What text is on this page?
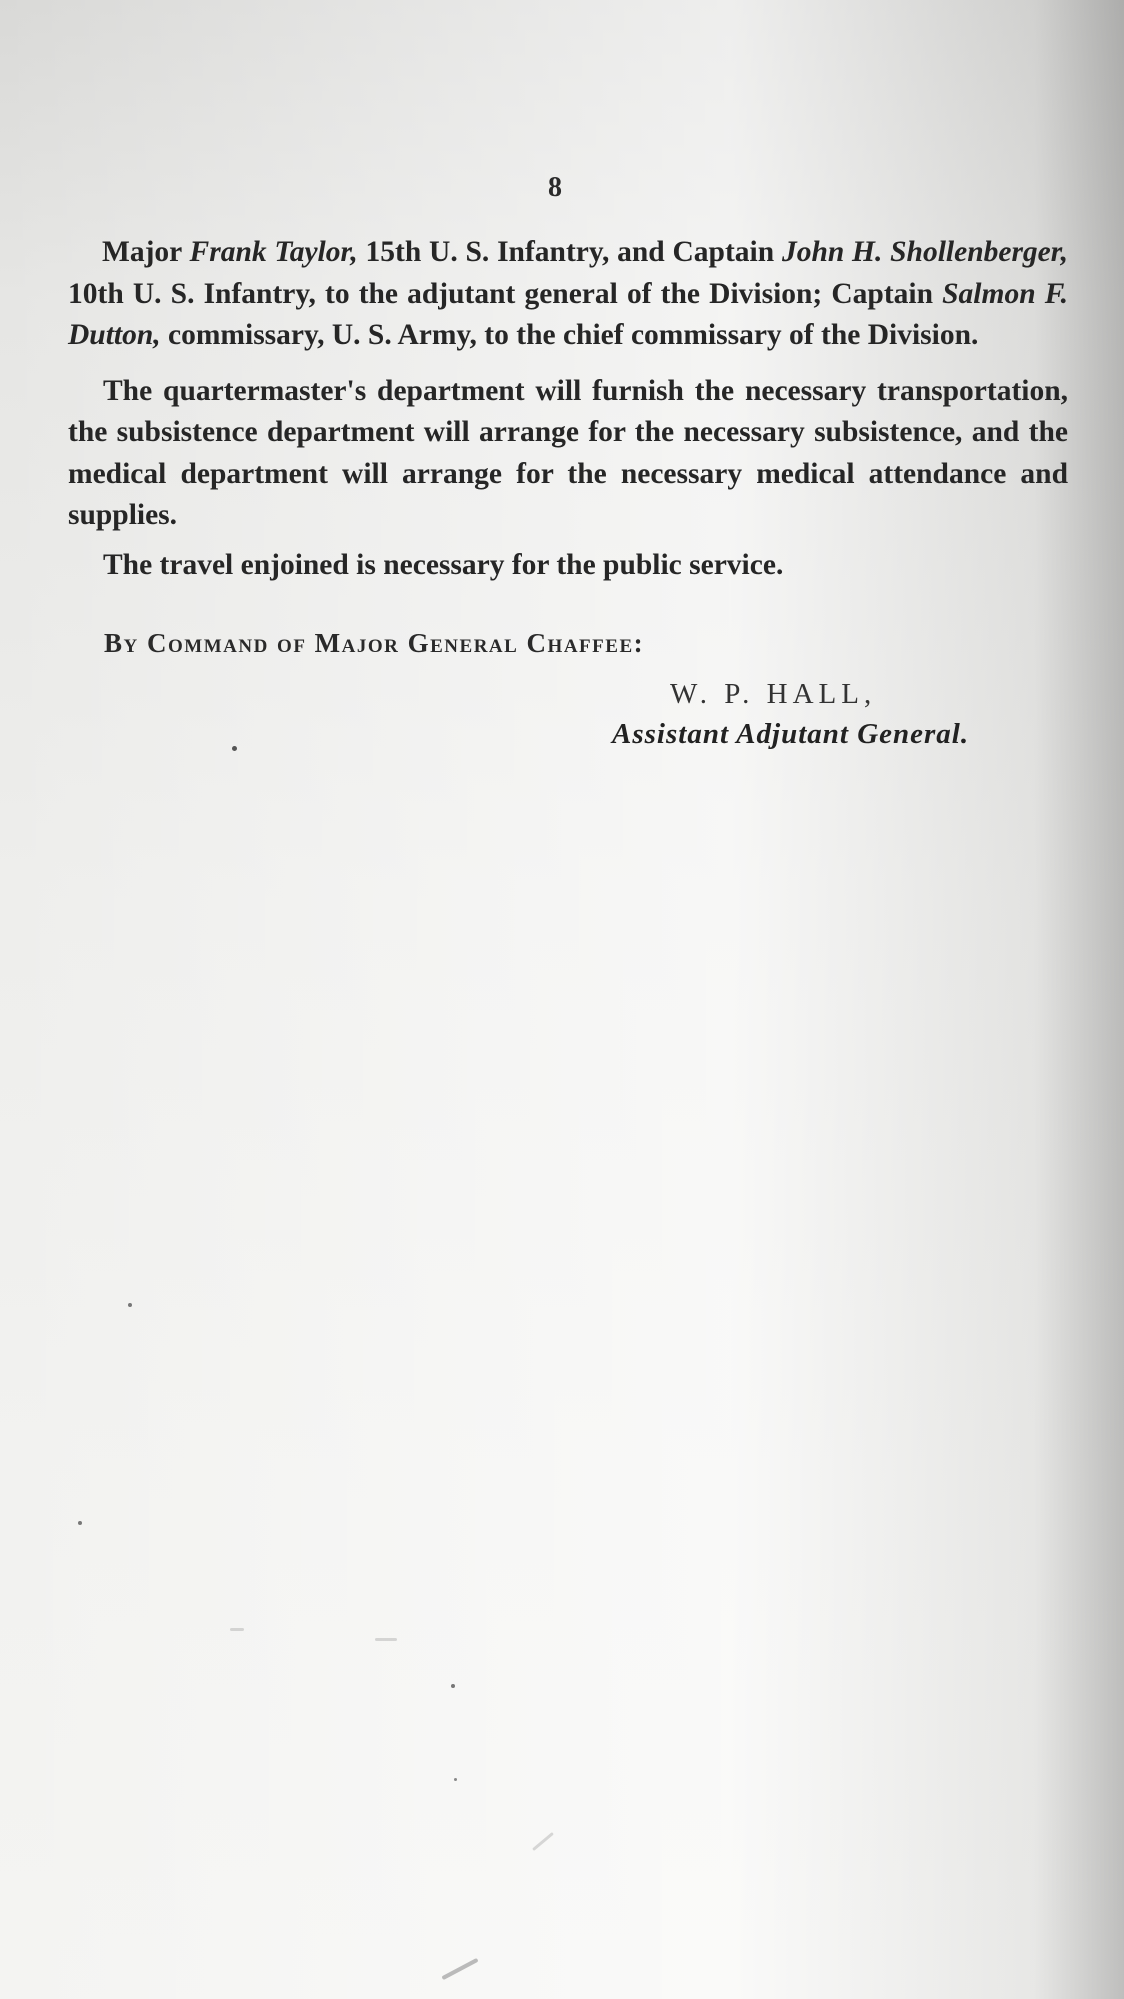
8

Major Frank Taylor, 15th U. S. Infantry, and Captain John H. Shollenberger, 10th U. S. Infantry, to the adjutant general of the Division; Captain Salmon F. Dutton, commissary, U. S. Army, to the chief commissary of the Division.

The quartermaster's department will furnish the necessary transportation, the subsistence department will arrange for the necessary subsistence, and the medical department will arrange for the necessary medical attendance and supplies.

The travel enjoined is necessary for the public service.

By Command of Major General Chaffee:
W. P. HALL,
Assistant Adjutant General.
